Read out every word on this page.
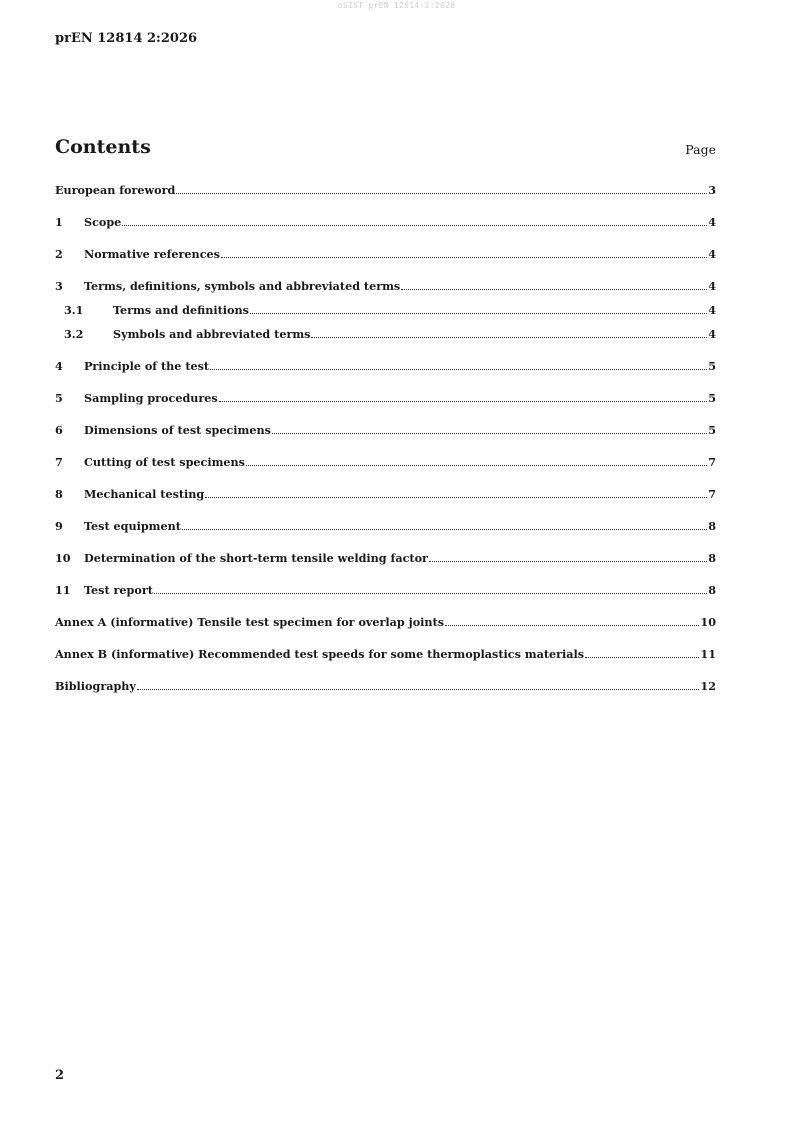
oSIST prEN 12814-2:2026
prEN 12814 2:2026
Contents	Page
European foreword	3
1	Scope	4
2	Normative references	4
3	Terms, definitions, symbols and abbreviated terms	4
3.1	Terms and definitions	4
3.2	Symbols and abbreviated terms	4
4	Principle of the test	5
5	Sampling procedures	5
6	Dimensions of test specimens	5
7	Cutting of test specimens	7
8	Mechanical testing	7
9	Test equipment	8
10	Determination of the short-term tensile welding factor	8
11	Test report	8
Annex A (informative) Tensile test specimen for overlap joints	10
Annex B (informative) Recommended test speeds for some thermoplastics materials	11
Bibliography	12
2
